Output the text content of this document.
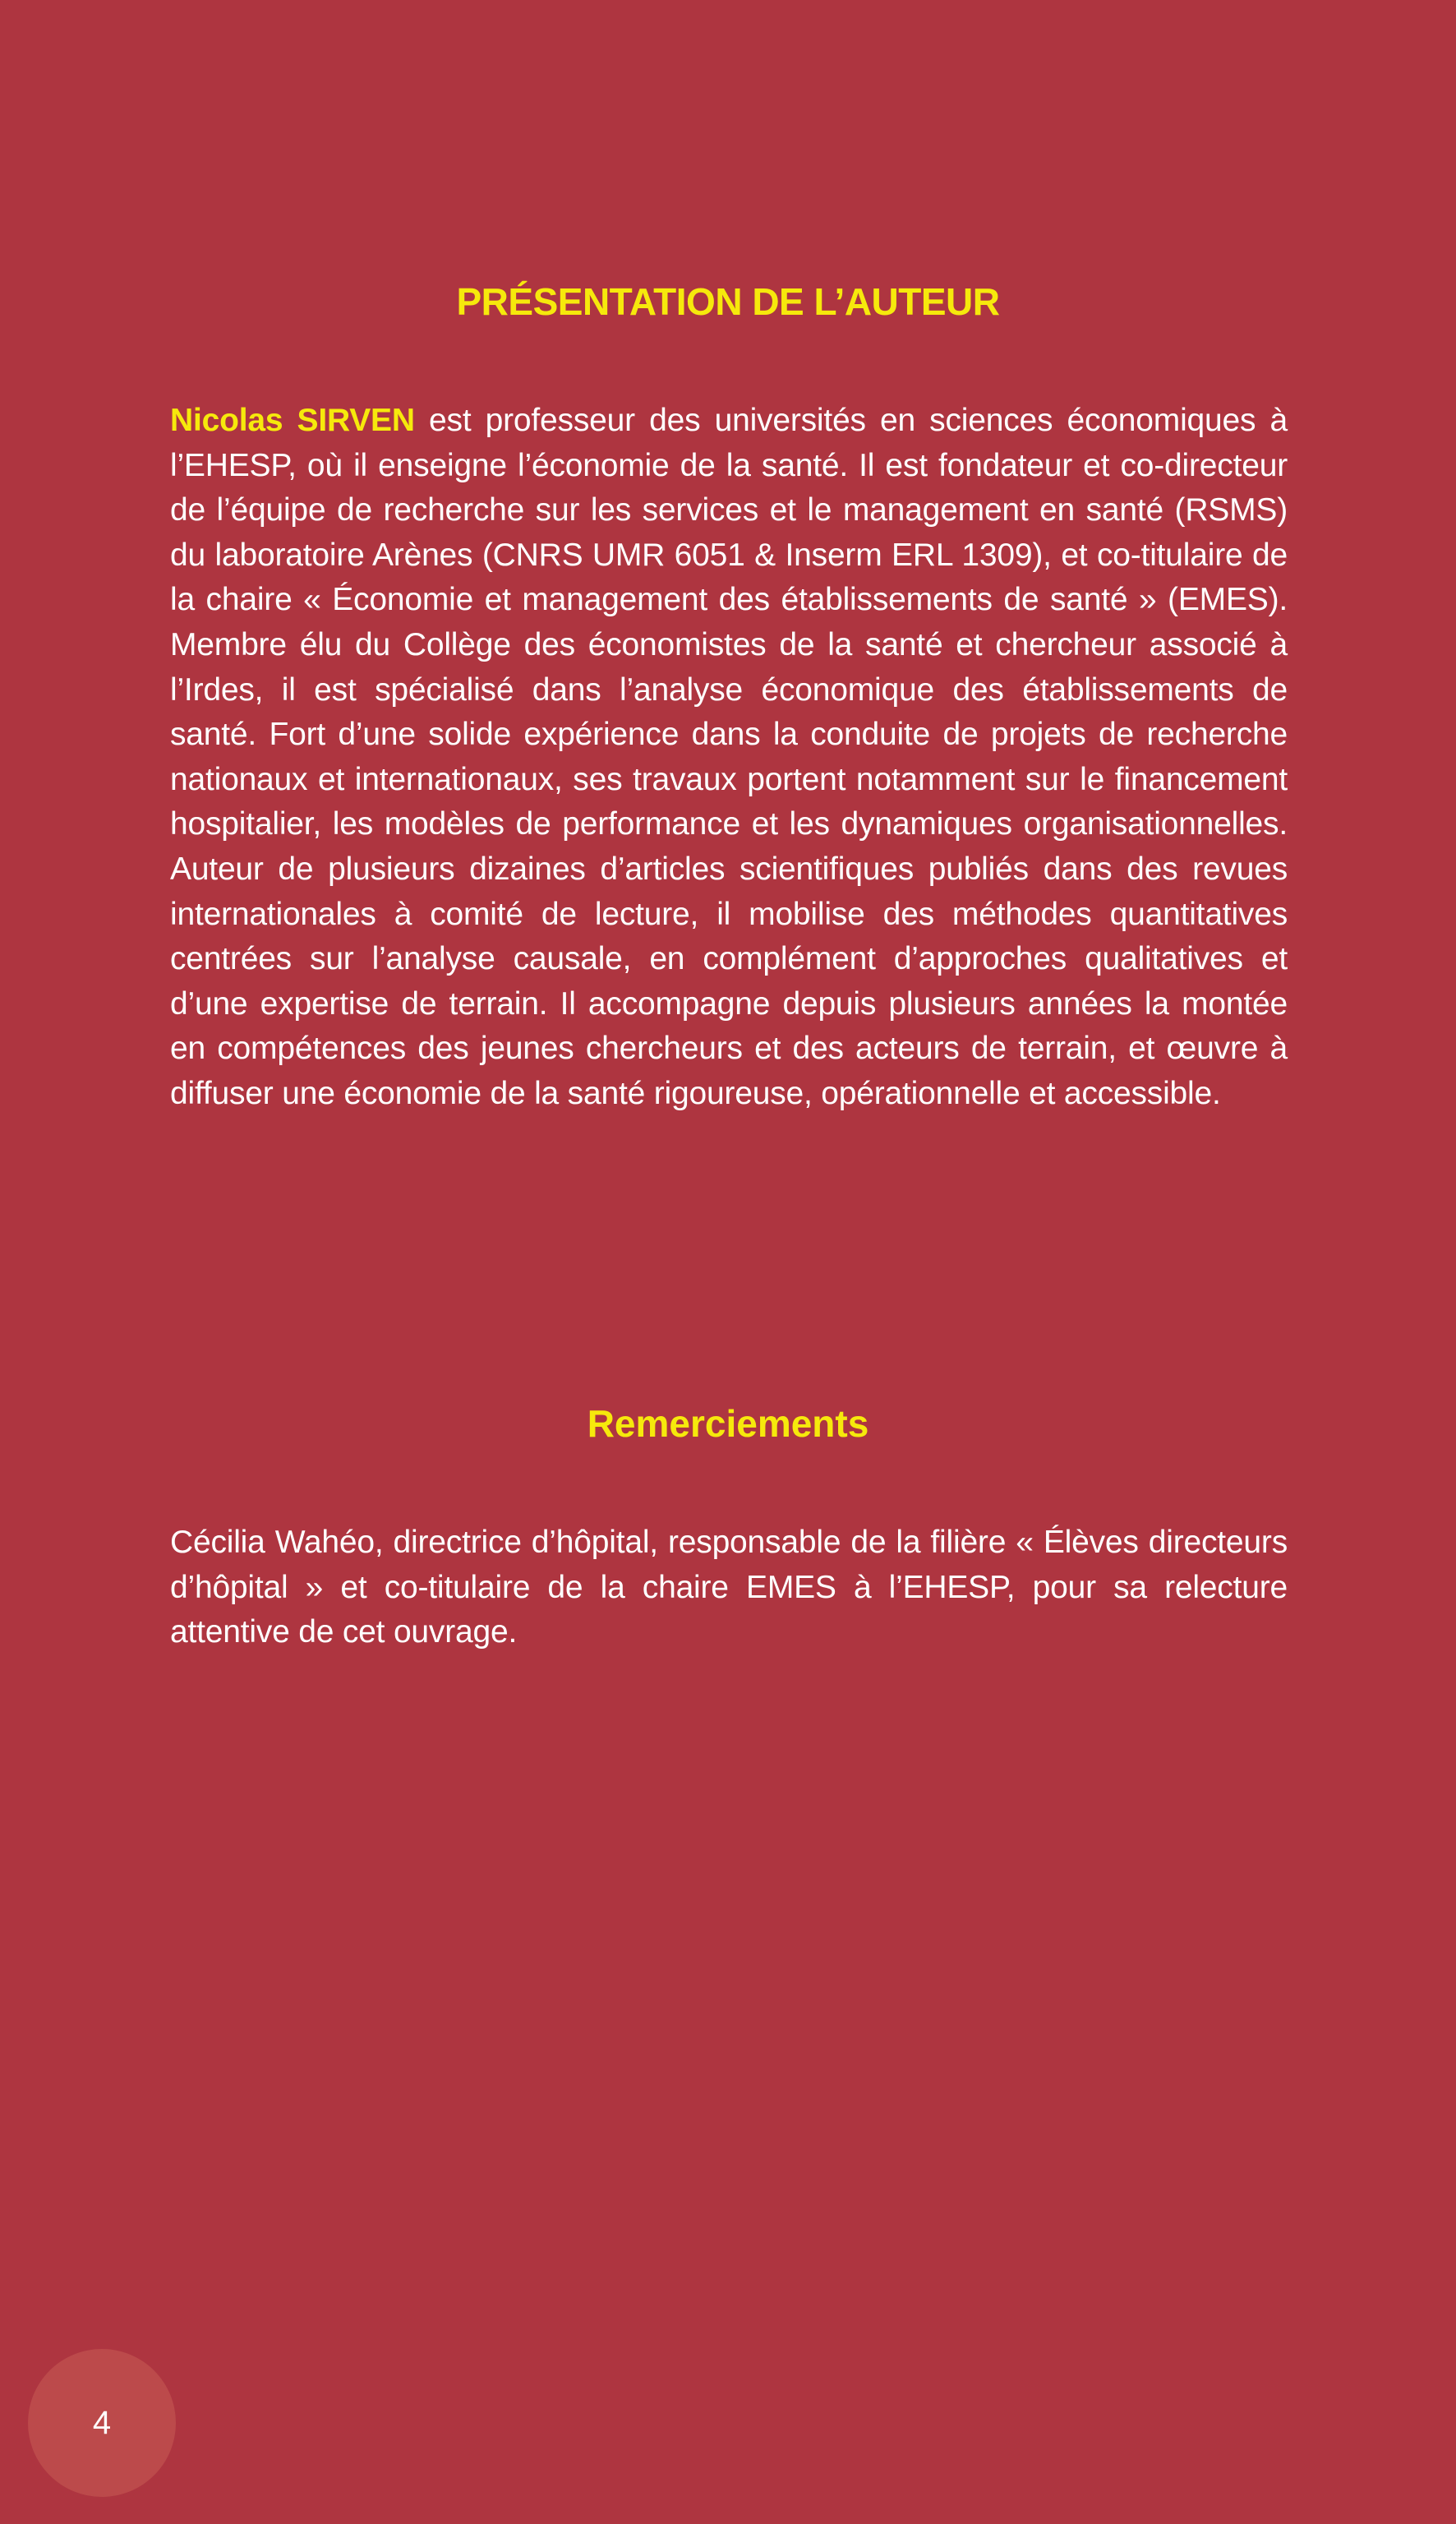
PRÉSENTATION DE L’AUTEUR

Nicolas SIRVEN est professeur des universités en sciences économiques à l’EHESP, où il enseigne l’économie de la santé. Il est fondateur et co-directeur de l’équipe de recherche sur les services et le management en santé (RSMS) du laboratoire Arènes (CNRS UMR 6051 & Inserm ERL 1309), et co-titulaire de la chaire « Économie et management des établissements de santé » (EMES). Membre élu du Collège des économistes de la santé et chercheur associé à l’Irdes, il est spécialisé dans l’analyse économique des établissements de santé. Fort d’une solide expérience dans la conduite de projets de recherche nationaux et internationaux, ses travaux portent notamment sur le financement hospitalier, les modèles de performance et les dynamiques organisationnelles. Auteur de plusieurs dizaines d’articles scientifiques publiés dans des revues internationales à comité de lecture, il mobilise des méthodes quantitatives centrées sur l’analyse causale, en complément d’approches qualitatives et d’une expertise de terrain. Il accompagne depuis plusieurs années la montée en compétences des jeunes chercheurs et des acteurs de terrain, et œuvre à diffuser une économie de la santé rigoureuse, opérationnelle et accessible.

Remerciements

Cécilia Wahéo, directrice d’hôpital, responsable de la filière « Élèves directeurs d’hôpital » et co-titulaire de la chaire EMES à l’EHESP, pour sa relecture attentive de cet ouvrage.

4
